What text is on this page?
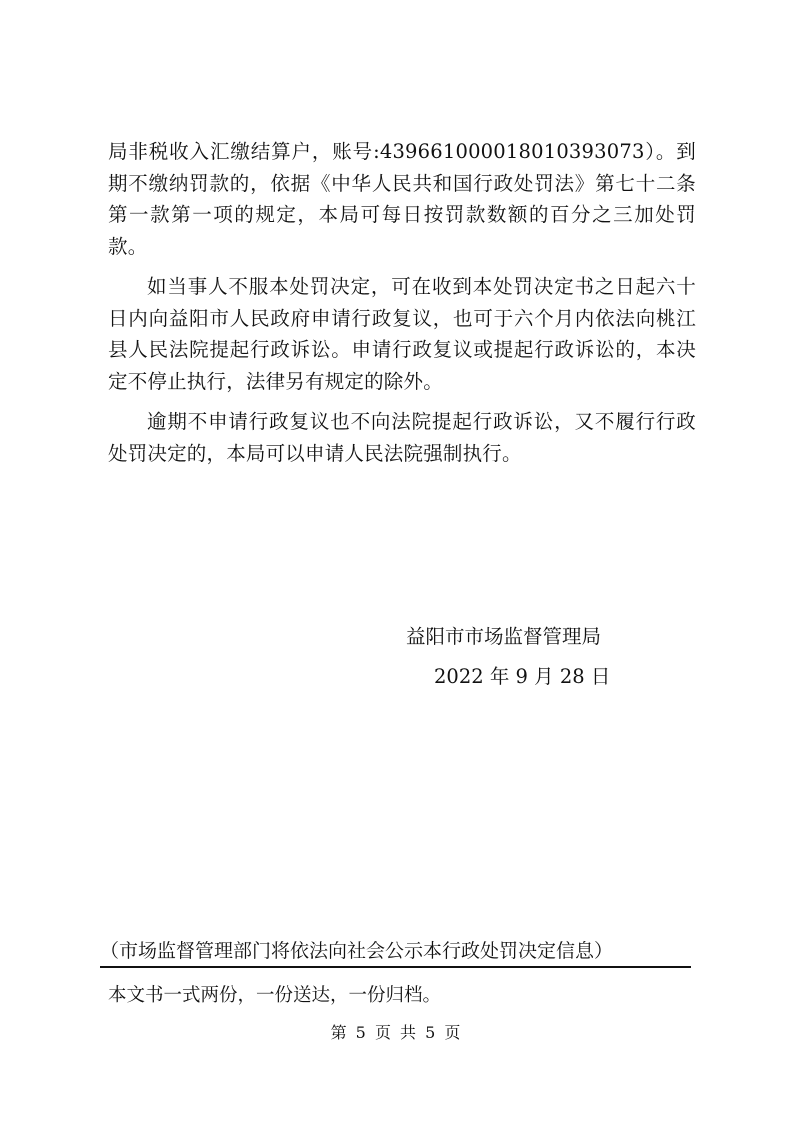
局非税收入汇缴结算户，账号:439661000018010393073）。到期不缴纳罚款的，依据《中华人民共和国行政处罚法》第七十二条第一款第一项的规定，本局可每日按罚款数额的百分之三加处罚款。

如当事人不服本处罚决定，可在收到本处罚决定书之日起六十日内向益阳市人民政府申请行政复议，也可于六个月内依法向桃江县人民法院提起行政诉讼。申请行政复议或提起行政诉讼的，本决定不停止执行，法律另有规定的除外。

逾期不申请行政复议也不向法院提起行政诉讼，又不履行行政处罚决定的，本局可以申请人民法院强制执行。

益阳市市场监督管理局
2022 年 9 月 28 日
（市场监督管理部门将依法向社会公示本行政处罚决定信息）
本文书一式两份，一份送达，一份归档。
第 5 页 共 5 页
